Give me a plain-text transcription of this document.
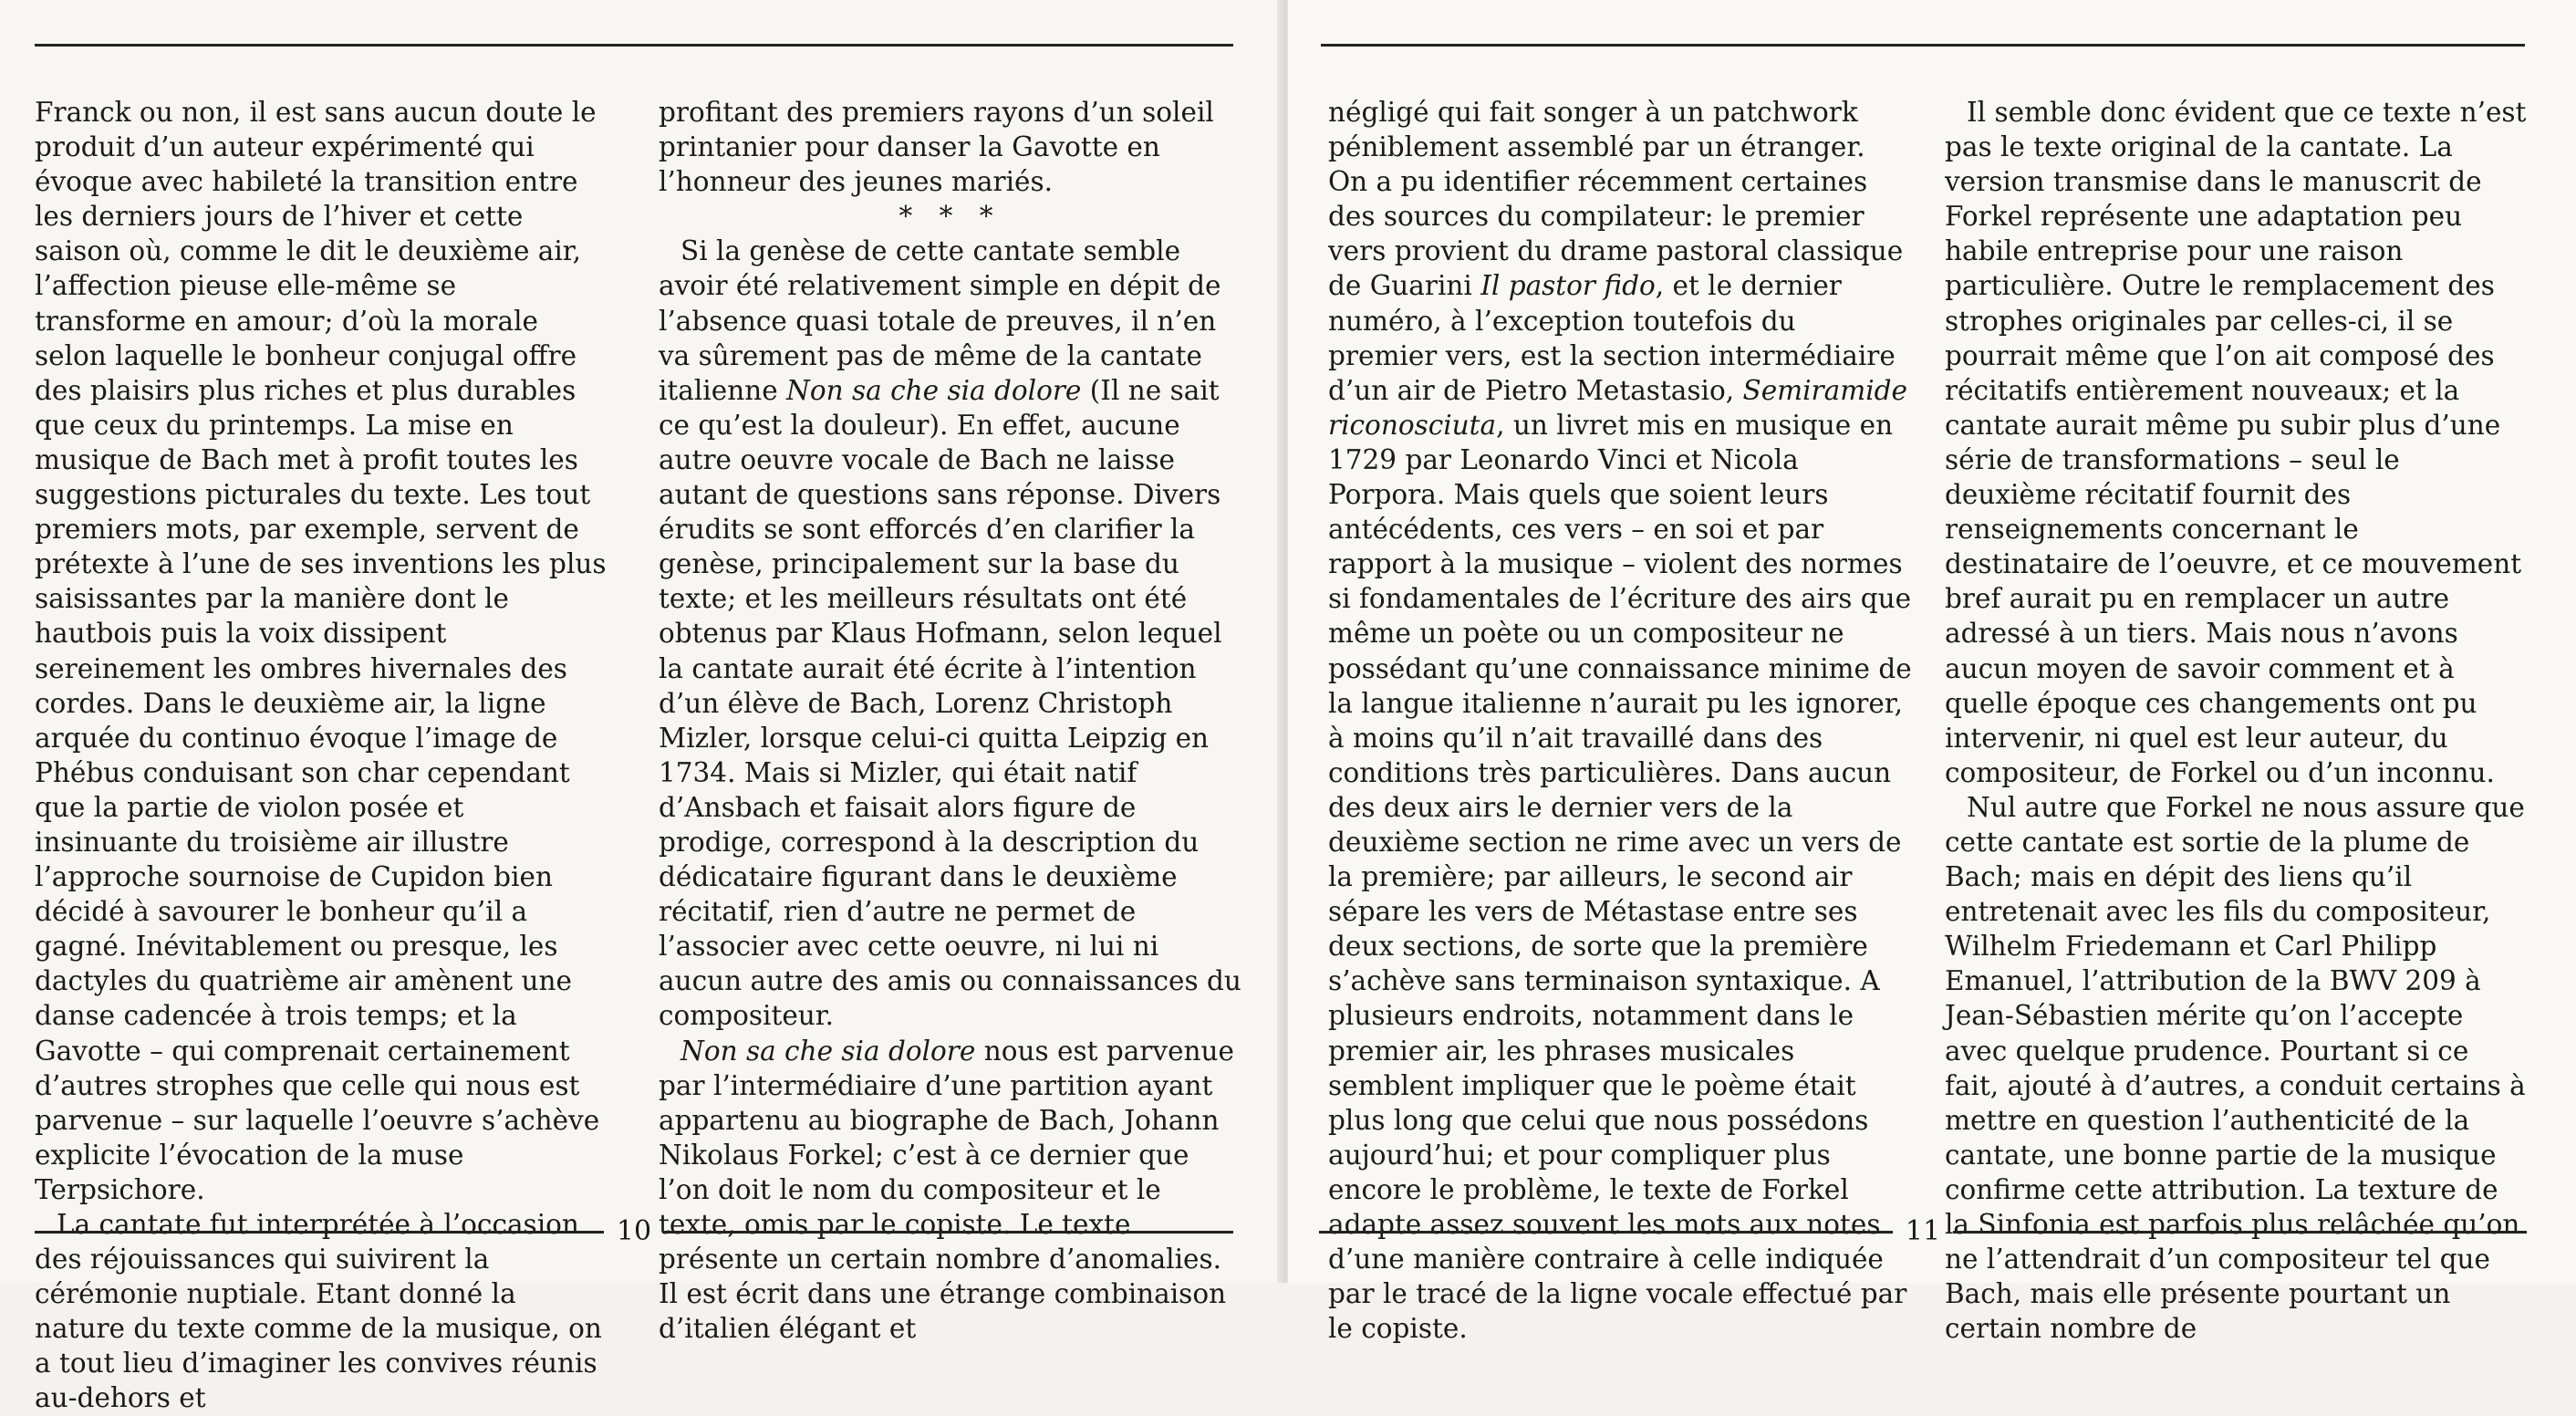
Franck ou non, il est sans aucun doute le produit d’un auteur expérimenté qui évoque avec habileté la transition entre les derniers jours de l’hiver et cette saison où, comme le dit le deuxième air, l’affection pieuse elle-même se transforme en amour; d’où la morale selon laquelle le bonheur conjugal offre des plaisirs plus riches et plus durables que ceux du printemps. La mise en musique de Bach met à profit toutes les suggestions picturales du texte. Les tout premiers mots, par exemple, servent de prétexte à l’une de ses inventions les plus saisissantes par la manière dont le hautbois puis la voix dissipent sereinement les ombres hivernales des cordes. Dans le deuxième air, la ligne arquée du continuo évoque l’image de Phébus conduisant son char cependant que la partie de violon posée et insinuante du troisième air illustre l’approche sournoise de Cupidon bien décidé à savourer le bonheur qu’il a gagné. Inévitablement ou presque, les dactyles du quatrième air amènent une danse cadencée à trois temps; et la Gavotte – qui comprenait certainement d’autres strophes que celle qui nous est parvenue – sur laquelle l’oeuvre s’achève explicite l’évocation de la muse Terpsichore.

La cantate fut interprétée à l’occasion des réjouissances qui suivirent la cérémonie nuptiale. Etant donné la nature du texte comme de la musique, on a tout lieu d’imaginer les convives réunis au-dehors et

profitant des premiers rayons d’un soleil printanier pour danser la Gavotte en l’honneur des jeunes mariés.

* * *

Si la genèse de cette cantate semble avoir été relativement simple en dépit de l’absence quasi totale de preuves, il n’en va sûrement pas de même de la cantate italienne Non sa che sia dolore (Il ne sait ce qu’est la douleur). En effet, aucune autre oeuvre vocale de Bach ne laisse autant de questions sans réponse. Divers érudits se sont efforcés d’en clarifier la genèse, principalement sur la base du texte; et les meilleurs résultats ont été obtenus par Klaus Hofmann, selon lequel la cantate aurait été écrite à l’intention d’un élève de Bach, Lorenz Christoph Mizler, lorsque celui-ci quitta Leipzig en 1734. Mais si Mizler, qui était natif d’Ansbach et faisait alors figure de prodige, correspond à la description du dédicataire figurant dans le deuxième récitatif, rien d’autre ne permet de l’associer avec cette oeuvre, ni lui ni aucun autre des amis ou connaissances du compositeur.

Non sa che sia dolore nous est parvenue par l’intermédiaire d’une partition ayant appartenu au biographe de Bach, Johann Nikolaus Forkel; c’est à ce dernier que l’on doit le nom du compositeur et le texte, omis par le copiste. Le texte présente un certain nombre d’anomalies. Il est écrit dans une étrange combinaison d’italien élégant et

10

négligé qui fait songer à un patchwork péniblement assemblé par un étranger. On a pu identifier récemment certaines des sources du compilateur: le premier vers provient du drame pastoral classique de Guarini Il pastor fido, et le dernier numéro, à l’exception toutefois du premier vers, est la section intermédiaire d’un air de Pietro Metastasio, Semiramide riconosciuta, un livret mis en musique en 1729 par Leonardo Vinci et Nicola Porpora. Mais quels que soient leurs antécédents, ces vers – en soi et par rapport à la musique – violent des normes si fondamentales de l’écriture des airs que même un poète ou un compositeur ne possédant qu’une connaissance minime de la langue italienne n’aurait pu les ignorer, à moins qu’il n’ait travaillé dans des conditions très particulières. Dans aucun des deux airs le dernier vers de la deuxième section ne rime avec un vers de la première; par ailleurs, le second air sépare les vers de Métastase entre ses deux sections, de sorte que la première s’achève sans terminaison syntaxique. A plusieurs endroits, notamment dans le premier air, les phrases musicales semblent impliquer que le poème était plus long que celui que nous possédons aujourd’hui; et pour compliquer plus encore le problème, le texte de Forkel adapte assez souvent les mots aux notes d’une manière contraire à celle indiquée par le tracé de la ligne vocale effectué par le copiste.

Il semble donc évident que ce texte n’est pas le texte original de la cantate. La version transmise dans le manuscrit de Forkel représente une adaptation peu habile entreprise pour une raison particulière. Outre le remplacement des strophes originales par celles-ci, il se pourrait même que l’on ait composé des récitatifs entièrement nouveaux; et la cantate aurait même pu subir plus d’une série de transformations – seul le deuxième récitatif fournit des renseignements concernant le destinataire de l’oeuvre, et ce mouvement bref aurait pu en remplacer un autre adressé à un tiers. Mais nous n’avons aucun moyen de savoir comment et à quelle époque ces changements ont pu intervenir, ni quel est leur auteur, du compositeur, de Forkel ou d’un inconnu.

Nul autre que Forkel ne nous assure que cette cantate est sortie de la plume de Bach; mais en dépit des liens qu’il entretenait avec les fils du compositeur, Wilhelm Friedemann et Carl Philipp Emanuel, l’attribution de la BWV 209 à Jean-Sébastien mérite qu’on l’accepte avec quelque prudence. Pourtant si ce fait, ajouté à d’autres, a conduit certains à mettre en question l’authenticité de la cantate, une bonne partie de la musique confirme cette attribution. La texture de la Sinfonia est parfois plus relâchée qu’on ne l’attendrait d’un compositeur tel que Bach, mais elle présente pourtant un certain nombre de

11
